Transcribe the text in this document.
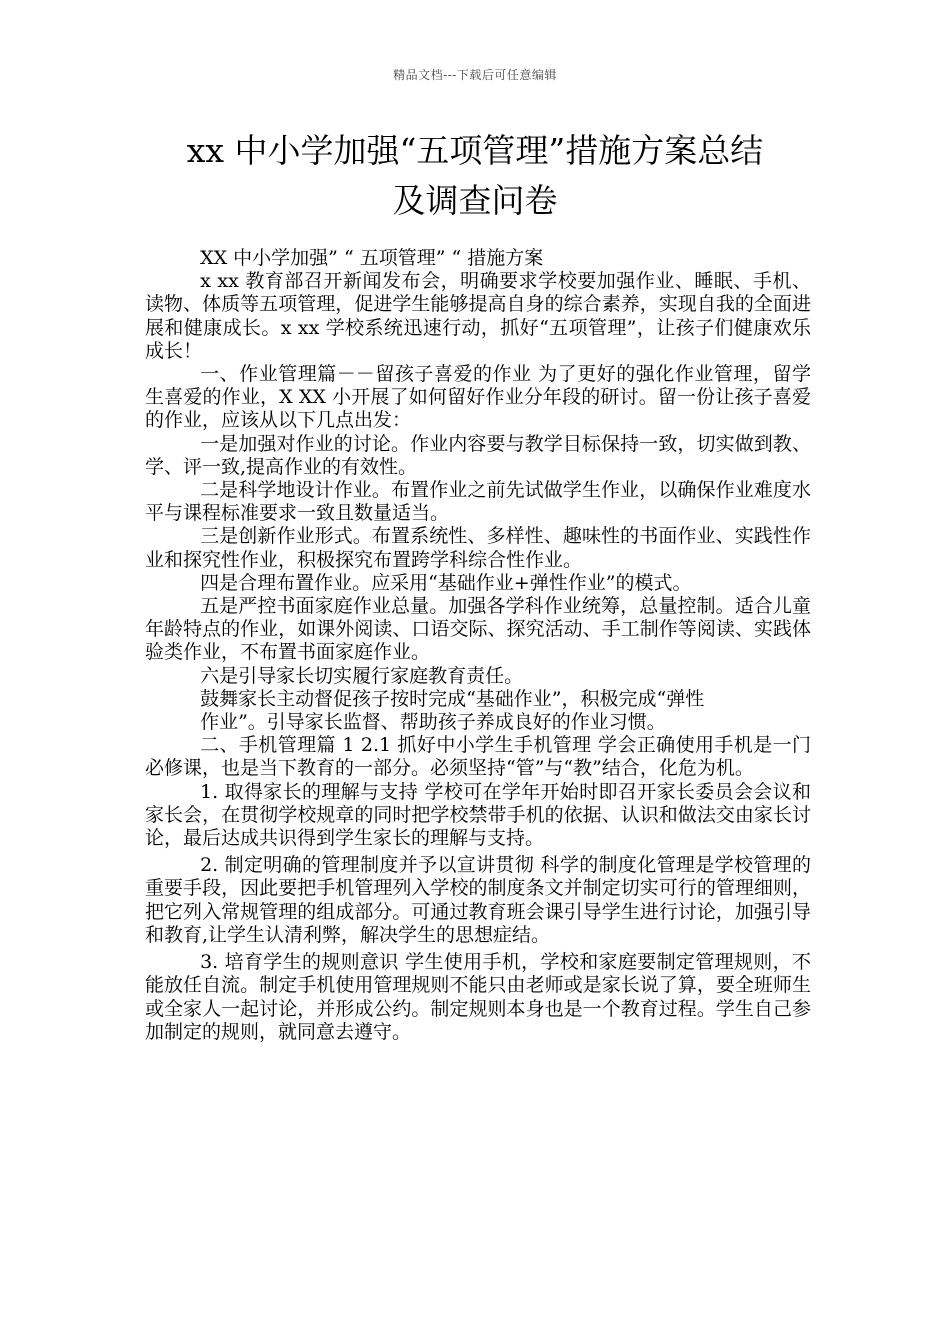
精品文档---下载后可任意编辑
xx 中小学加强“五项管理”措施方案总结
及调查问卷

XX 中小学加强” “ 五项管理” “ 措施方案

x xx 教育部召开新闻发布会，明确要求学校要加强作业、睡眠、手机、读物、体质等五项管理，促进学生能够提高自身的综合素养，实现自我的全面进展和健康成长。x xx 学校系统迅速行动，抓好“五项管理”，让孩子们健康欢乐成长！

一、作业管理篇－－留孩子喜爱的作业 为了更好的强化作业管理，留学生喜爱的作业，X XX 小开展了如何留好作业分年段的研讨。留一份让孩子喜爱的作业，应该从以下几点出发：

一是加强对作业的讨论。作业内容要与教学目标保持一致，切实做到教、学、评一致,提高作业的有效性。

二是科学地设计作业。布置作业之前先试做学生作业，以确保作业难度水平与课程标准要求一致且数量适当。

三是创新作业形式。布置系统性、多样性、趣味性的书面作业、实践性作业和探究性作业，积极探究布置跨学科综合性作业。

四是合理布置作业。应采用“基础作业+弹性作业”的模式。

五是严控书面家庭作业总量。加强各学科作业统筹，总量控制。适合儿童年龄特点的作业，如课外阅读、口语交际、探究活动、手工制作等阅读、实践体验类作业，不布置书面家庭作业。

六是引导家长切实履行家庭教育责任。

鼓舞家长主动督促孩子按时完成“基础作业”，积极完成“弹性

作业”。引导家长监督、帮助孩子养成良好的作业习惯。

二、手机管理篇 1 2.1 抓好中小学生手机管理 学会正确使用手机是一门必修课，也是当下教育的一部分。必须坚持“管”与“教”结合，化危为机。

1. 取得家长的理解与支持 学校可在学年开始时即召开家长委员会会议和家长会，在贯彻学校规章的同时把学校禁带手机的依据、认识和做法交由家长讨论，最后达成共识得到学生家长的理解与支持。

2. 制定明确的管理制度并予以宣讲贯彻 科学的制度化管理是学校管理的重要手段，因此要把手机管理列入学校的制度条文并制定切实可行的管理细则，把它列入常规管理的组成部分。可通过教育班会课引导学生进行讨论，加强引导和教育,让学生认清利弊，解决学生的思想症结。

3. 培育学生的规则意识 学生使用手机，学校和家庭要制定管理规则，不能放任自流。制定手机使用管理规则不能只由老师或是家长说了算，要全班师生或全家人一起讨论，并形成公约。制定规则本身也是一个教育过程。学生自己参加制定的规则，就同意去遵守。
